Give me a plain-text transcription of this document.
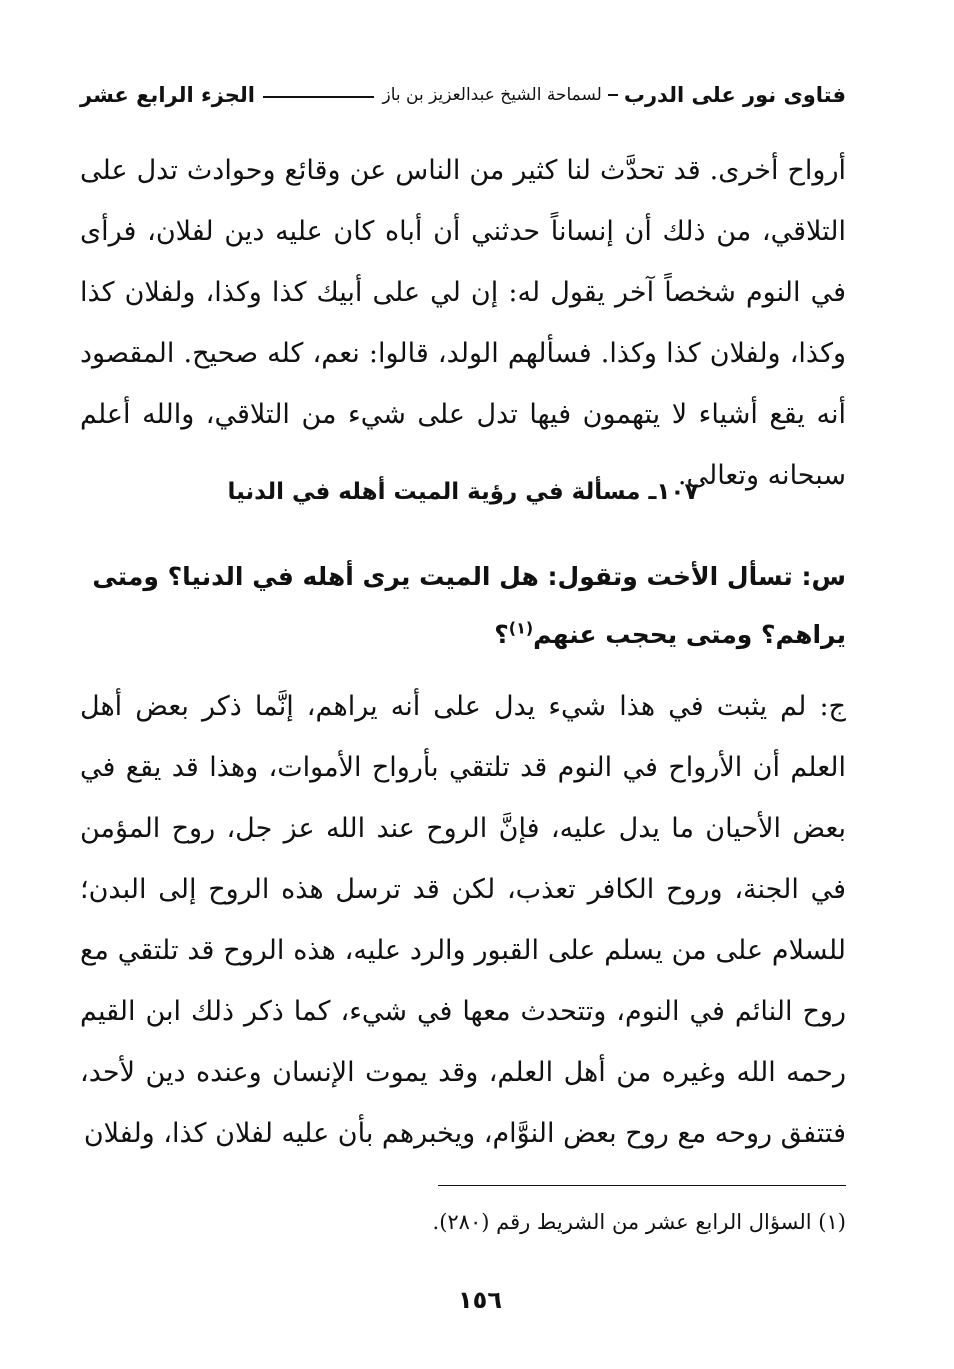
فتاوى نور على الدرب
لسماحة الشيخ عبدالعزيز بن باز
الجزء الرابع عشر

أرواح أخرى. قد تحدَّث لنا كثير من الناس عن وقائع وحوادث تدل على التلاقي، من ذلك أن إنساناً حدثني أن أباه كان عليه دين لفلان، فرأى في النوم شخصاً آخر يقول له: إن لي على أبيك كذا وكذا، ولفلان كذا وكذا، ولفلان كذا وكذا. فسألهم الولد، قالوا: نعم، كله صحيح. المقصود أنه يقع أشياء لا يتهمون فيها تدل على شيء من التلاقي، والله أعلم سبحانه وتعالى.

١٠٧ـ مسألة في رؤية الميت أهله في الدنيا

س: تسأل الأخت وتقول: هل الميت يرى أهله في الدنيا؟ ومتى يراهم؟ ومتى يحجب عنهم$^{(١)}$؟

ج: لم يثبت في هذا شيء يدل على أنه يراهم، إنَّما ذكر بعض أهل العلم أن الأرواح في النوم قد تلتقي بأرواح الأموات، وهذا قد يقع في بعض الأحيان ما يدل عليه، فإنَّ الروح عند الله عز جل، روح المؤمن في الجنة، وروح الكافر تعذب، لكن قد ترسل هذه الروح إلى البدن؛ للسلام على من يسلم على القبور والرد عليه، هذه الروح قد تلتقي مع روح النائم في النوم، وتتحدث معها في شيء، كما ذكر ذلك ابن القيم رحمه الله وغيره من أهل العلم، وقد يموت الإنسان وعنده دين لأحد، فتتفق روحه مع روح بعض النوَّام، ويخبرهم بأن عليه لفلان كذا، ولفلان

(١) السؤال الرابع عشر من الشريط رقم (٢٨٠).

١٥٦
